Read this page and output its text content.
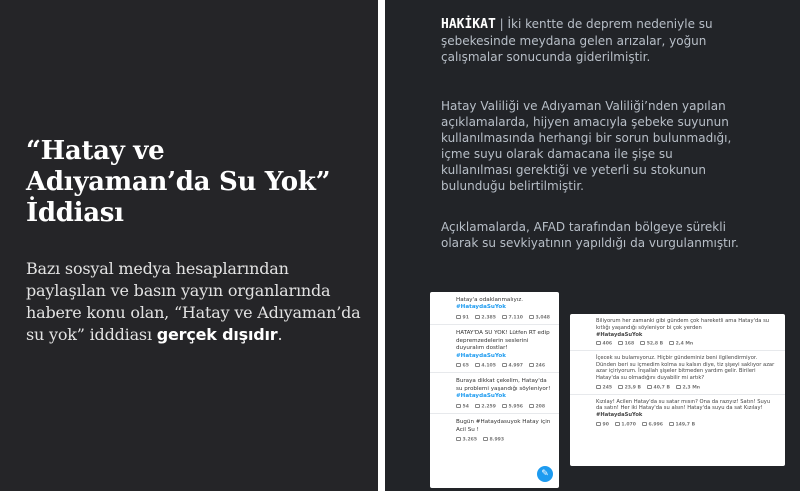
“Hatay ve Adıyaman’da Su Yok” İddiası

Bazı sosyal medya hesaplarından paylaşılan ve basın yayın organlarında habere konu olan, “Hatay ve Adıyaman’da su yok” idddiası gerçek dışıdır.

HAKİKAT | İki kentte de deprem nedeniyle su şebekesinde meydana gelen arızalar, yoğun çalışmalar sonucunda giderilmiştir.

Hatay Valiliği ve Adıyaman Valiliği’nden yapılan açıklamalarda, hijyen amacıyla şebeke suyunun kullanılmasında herhangi bir sorun bulunmadığı, içme suyu olarak damacana ile şişe su kullanılması gerektiği ve yeterli su stokunun bulunduğu belirtilmiştir.

Açıklamalarda, AFAD tarafından bölgeye sürekli olarak su sevkiyatının yapıldığı da vurgulanmıştır.

Hatay'a odaklanmalıyız.
#HataydaSuYok
91	2.385	7.110	3,048
HATAY'DA SU YOK! Lütfen RT edip depremzedelerin seslerini duyuralım dostlar!
#HataydaSuYok
65	4.105	4.997	246
Buraya dikkat çekelim, Hatay'da su problemi yaşandığı söyleniyor!
#HataydaSuYok
54	2.259	5.956	208
Bugün #Hataydasuyok Hatay için Acil Su !
3.265	8.993
✎
Biliyorum her zamanki gibi gündem çok hareketli ama Hatay'da su kıtlığı yaşandığı söyleniyor bi çok yerden
#HataydaSuYok
406	168	52,8 B	2,4 Mn
İçecek su bulamıyoruz. Hiçbir gündeminiz beni ilgilendirmiyor. Dünden beri su içmedim kolma su kalsın diye, tiz şişeyi saklıyor azar azar içiriyorum. İnşallah şişeler bitmeden yardım gelir. Birileri Hatay'da su olmadığını duyabilir mi artık?
245	23,9 B	40,7 B	2,3 Mn
Kızılay! Acilen Hatay'da su satar mısın? Ona da razıyız! Satın! Suyu da satın! Her iki Hatay'da su alsın! Hatay'da suyu da sat Kızılay!
#HataydaSuYok
90	1.070	6.996	149,7 B
